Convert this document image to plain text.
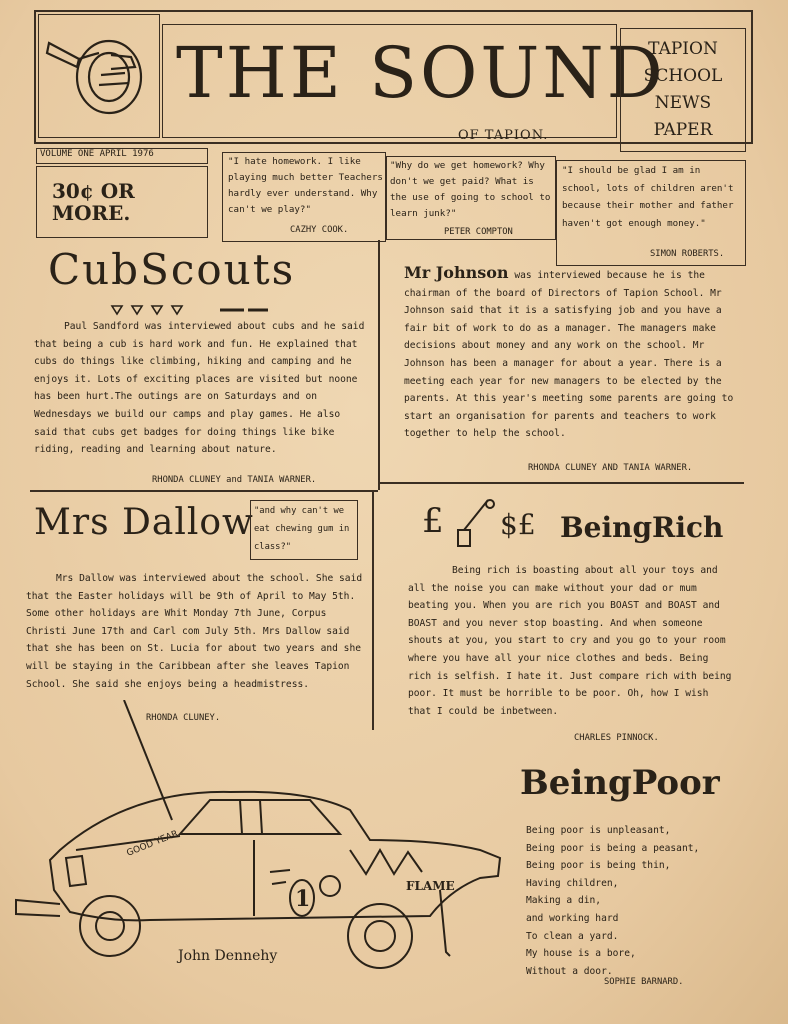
THE SOUND
OF TAPION.
TAPION
SCHOOL
NEWS
PAPER
VOLUME ONE APRIL 1976
30¢ OR MORE.
"I hate homework. I like playing much better Teachers hardly ever understand. Why can't we play?"
CAZHY COOK.
"Why do we get homework? Why don't we get paid? What is the use of going to school to learn junk?"
PETER COMPTON
"I should be glad I am in school, lots of children aren't because their mother and father haven't got enough money."
SIMON ROBERTS.
CubScouts
Paul Sandford was interviewed about cubs and he said that being a cub is hard work and fun. He explained that cubs do things like climbing, hiking and camping and he enjoys it. Lots of exciting places are visited but noone has been hurt.The outings are on Saturdays and on Wednesdays we build our camps and play games. He also said that cubs get badges for doing things like bike riding, reading and learning about nature.
RHONDA CLUNEY and TANIA WARNER.
Mr Johnson was interviewed because he is the chairman of the board of Directors of Tapion School. Mr Johnson said that it is a satisfying job and you have a fair bit of work to do as a manager. The managers make decisions about money and any work on the school. Mr Johnson has been a manager for about a year. There is a meeting each year for new managers to be elected by the parents. At this year's meeting some parents are going to start an organisation for parents and teachers to work together to help the school.
RHONDA CLUNEY AND TANIA WARNER.
Mrs Dallow "and why can't we eat chewing gum in class?"
Mrs Dallow was interviewed about the school. She said that the Easter holidays will be 9th of April to May 5th. Some other holidays are Whit Monday 7th June, Corpus Christi June 17th and Carl com July 5th. Mrs Dallow said that she has been on St. Lucia for about two years and she will be staying in the Caribbean after she leaves Tapion School. She said she enjoys being a headmistress.
RHONDA CLUNEY.
£ $£ BeingRich
Being rich is boasting about all your toys and all the noise you can make without your dad or mum beating you. When you are rich you BOAST and BOAST and BOAST and you never stop boasting. And when someone shouts at you, you start to cry and you go to your room where you have all your nice clothes and beds. Being rich is selfish. I hate it. Just compare rich with being poor. It must be horrible to be poor. Oh, how I wish that I could be inbetween.
CHARLES PINNOCK.
BeingPoor
Being poor is unpleasant,
Being poor is being a peasant,
Being poor is being thin,
Having children,
Making a din,
and working hard
To clean a yard.
My house is a bore,
Without a door.
SOPHIE BARNARD.
GOOD YEAR
FLAME
1
John Dennehy
